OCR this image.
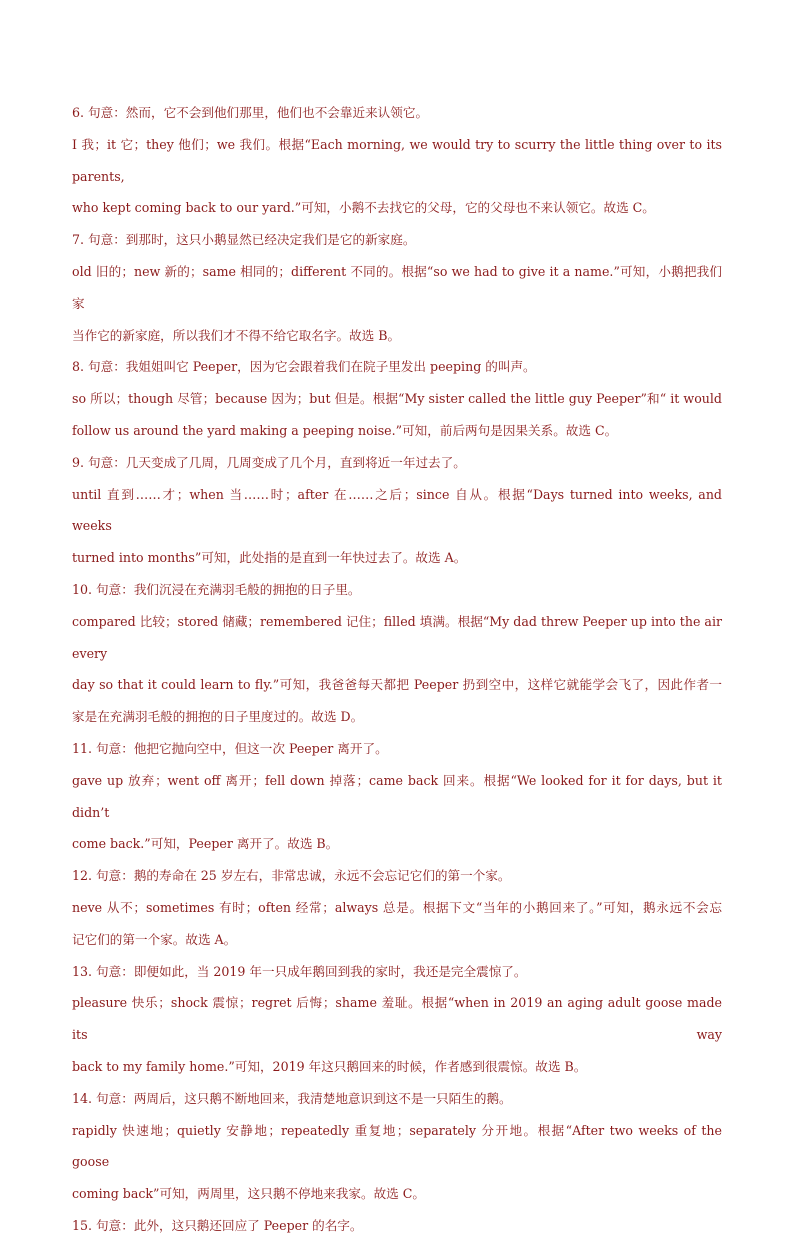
6. 句意：然而，它不会到他们那里，他们也不会靠近来认领它。
I 我；it 它；they 他们；we 我们。根据“Each morning, we would try to scurry the little thing over to its parents,
who kept coming back to our yard.”可知，小鹅不去找它的父母，它的父母也不来认领它。故选 C。
7. 句意：到那时，这只小鹅显然已经决定我们是它的新家庭。
old 旧的；new 新的；same 相同的；different 不同的。根据“so we had to give it a name.”可知，小鹅把我们家
当作它的新家庭，所以我们才不得不给它取名字。故选 B。
8. 句意：我姐姐叫它 Peeper，因为它会跟着我们在院子里发出 peeping 的叫声。
so 所以；though 尽管；because 因为；but 但是。根据“My sister called the little guy Peeper”和“ it would
follow us around the yard making a peeping noise.”可知，前后两句是因果关系。故选 C。
9. 句意：几天变成了几周，几周变成了几个月，直到将近一年过去了。
until 直到……才；when 当……时；after 在……之后；since 自从。根据“Days turned into weeks, and weeks
turned into months”可知，此处指的是直到一年快过去了。故选 A。
10. 句意：我们沉浸在充满羽毛般的拥抱的日子里。
compared 比较；stored 储藏；remembered 记住；filled 填满。根据“My dad threw Peeper up into the air every
day so that it could learn to fly.”可知，我爸爸每天都把 Peeper 扔到空中，这样它就能学会飞了，因此作者一
家是在充满羽毛般的拥抱的日子里度过的。故选 D。
11. 句意：他把它抛向空中，但这一次 Peeper 离开了。
gave up 放弃；went off 离开；fell down 掉落；came back 回来。根据“We looked for it for days, but it didn’t
come back.”可知，Peeper 离开了。故选 B。
12. 句意：鹅的寿命在 25 岁左右，非常忠诚，永远不会忘记它们的第一个家。
neve 从不；sometimes 有时；often 经常；always 总是。根据下文“当年的小鹅回来了。”可知，鹅永远不会忘
记它们的第一个家。故选 A。
13. 句意：即便如此，当 2019 年一只成年鹅回到我的家时，我还是完全震惊了。
pleasure 快乐；shock 震惊；regret 后悔；shame 羞耻。根据“when in 2019 an aging adult goose made its way
back to my family home.”可知，2019 年这只鹅回来的时候，作者感到很震惊。故选 B。
14. 句意：两周后，这只鹅不断地回来，我清楚地意识到这不是一只陌生的鹅。
rapidly 快速地；quietly 安静地；repeatedly 重复地；separately 分开地。根据“After two weeks of the goose
coming back”可知，两周里，这只鹅不停地来我家。故选 C。
15. 句意：此外，这只鹅还回应了 Peeper 的名字。
